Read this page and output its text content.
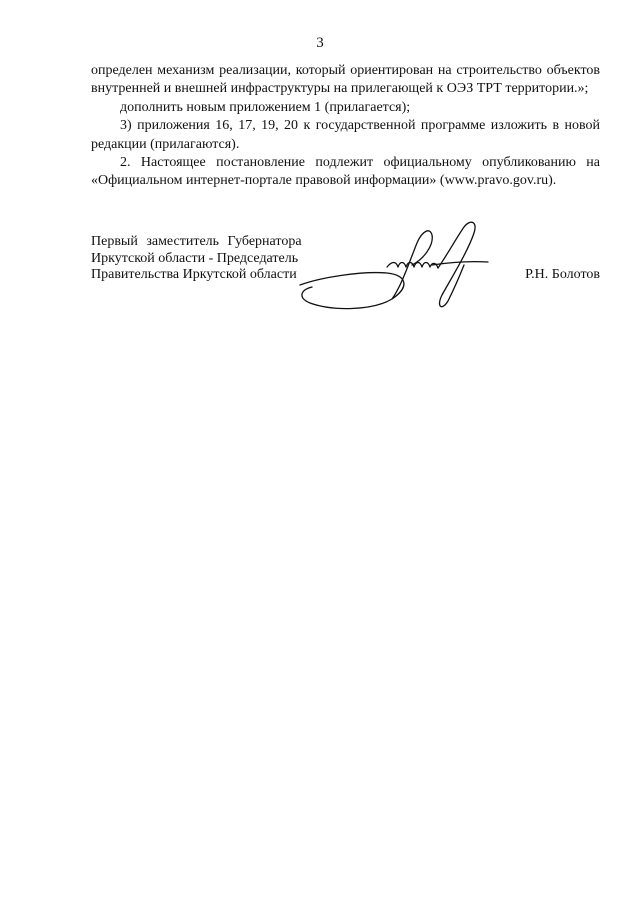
3

определен механизм реализации, который ориентирован на строительство объектов внутренней и внешней инфраструктуры на прилегающей к ОЭЗ ТРТ территории.»;

дополнить новым приложением 1 (прилагается);

3) приложения 16, 17, 19, 20 к государственной программе изложить в новой редакции (прилагаются).

2. Настоящее постановление подлежит официальному опубликованию на «Официальном интернет-портале правовой информации» (www.pravo.gov.ru).

Первый заместитель Губернатора
Иркутской области - Председатель
Правительства Иркутской области	Р.Н. Болотов
